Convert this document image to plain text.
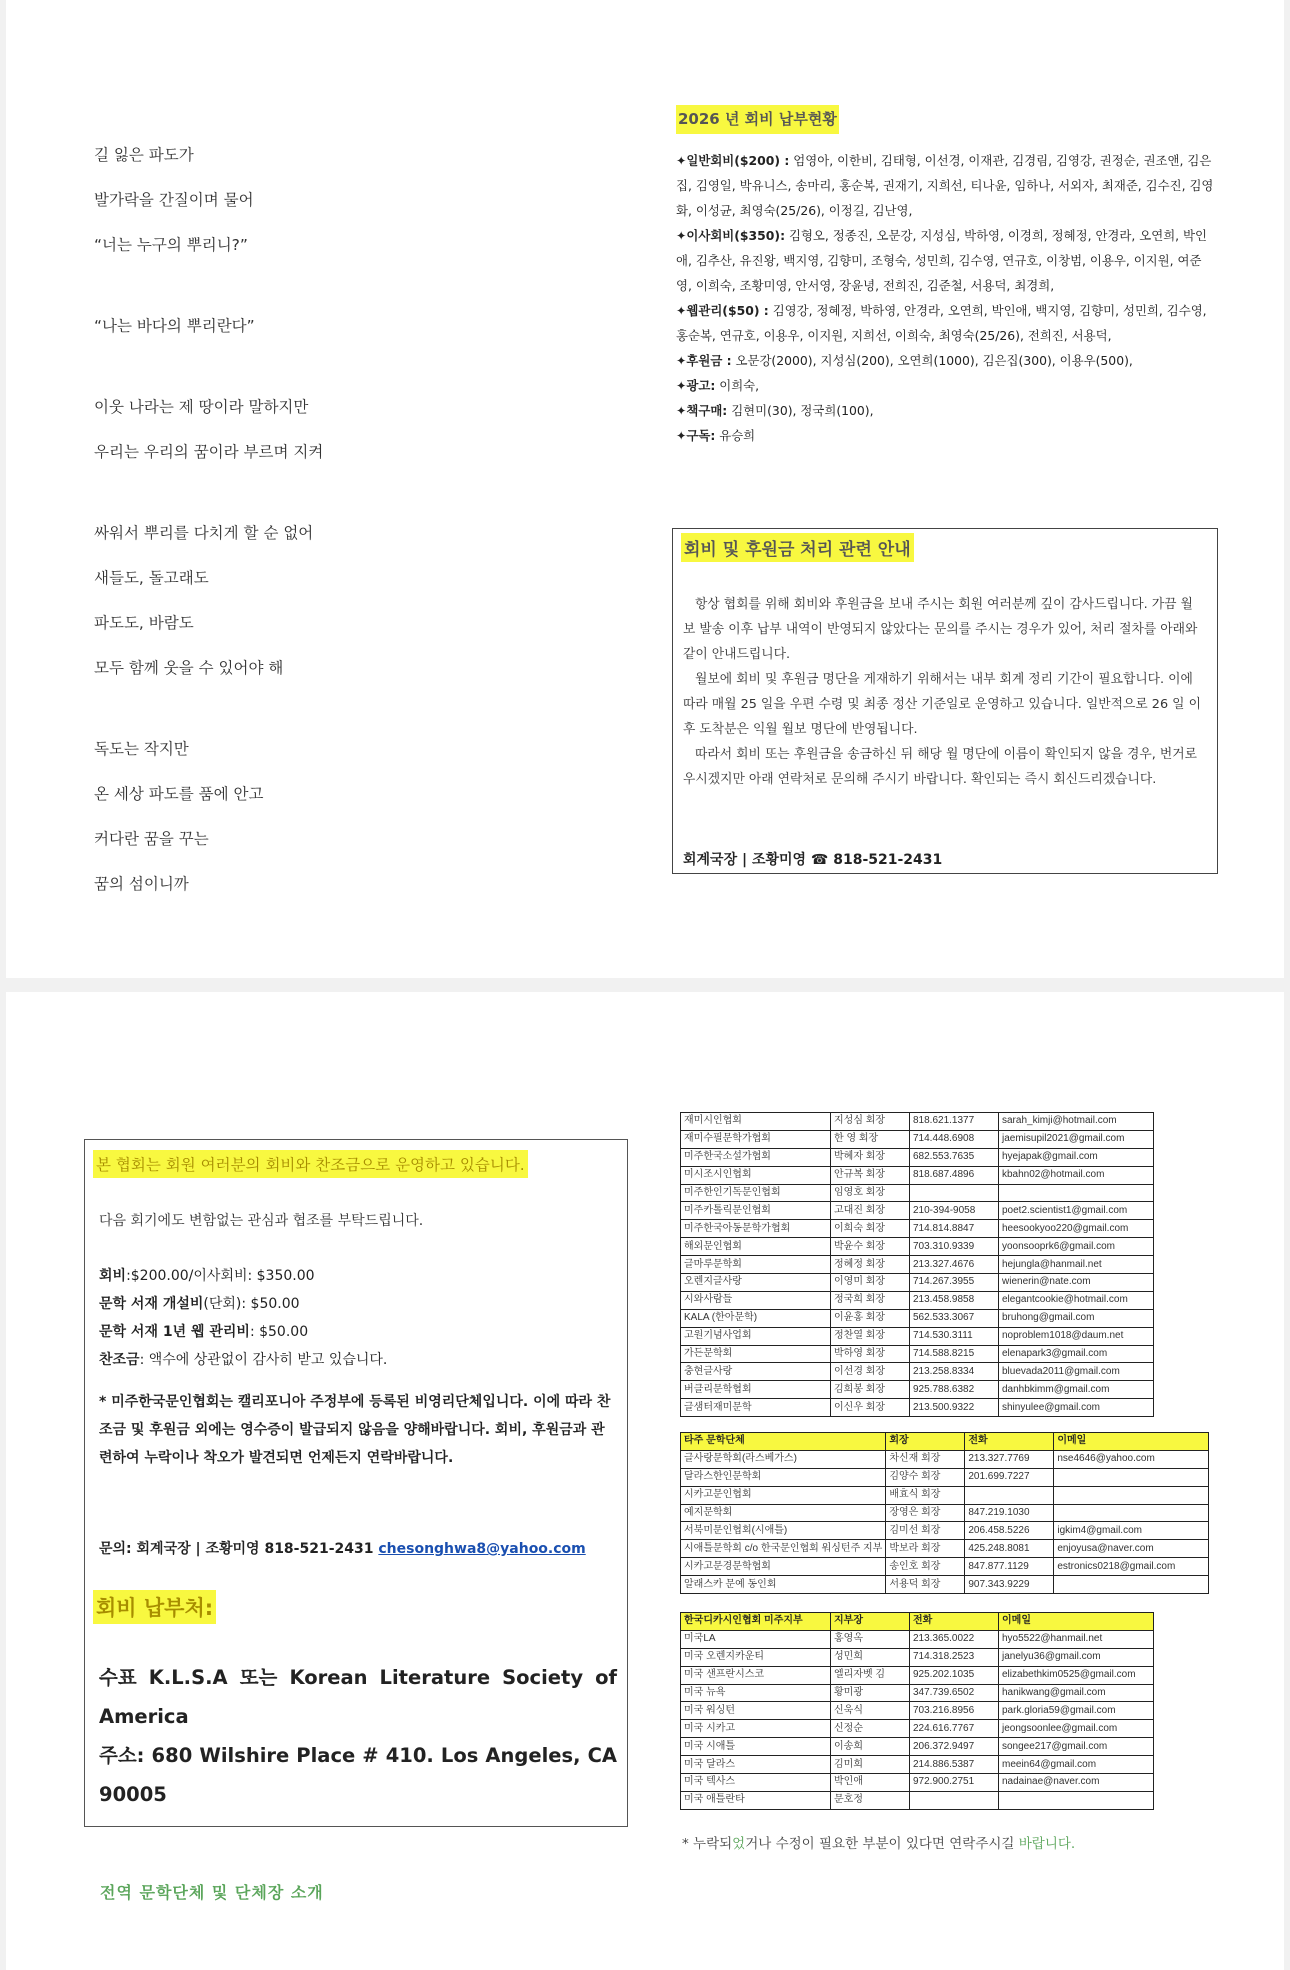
길 잃은 파도가
발가락을 간질이며 물어
“너는 누구의 뿌리니?”
“나는 바다의 뿌리란다”
이웃 나라는 제 땅이라 말하지만
우리는 우리의 꿈이라 부르며 지켜
싸워서 뿌리를 다치게 할 순 없어
새들도, 돌고래도
파도도, 바람도
모두 함께 웃을 수 있어야 해
독도는 작지만
온 세상 파도를 품에 안고
커다란 꿈을 꾸는
꿈의 섬이니까
2026 년 회비 납부현황
✦일반회비($200) : 엄영아, 이한비, 김태형, 이선경, 이재관, 김경림, 김영강, 권정순, 권조앤, 김은집, 김영일, 박유니스, 송마리, 홍순복, 권재기, 지희선, 티나윤, 임하나, 서외자, 최재준, 김수진, 김영화, 이성균, 최영숙(25/26), 이정길, 김난영,
✦이사회비($350): 김형오, 정종진, 오문강, 지성심, 박하영, 이경희, 정혜정, 안경라, 오연희, 박인애, 김추산, 유진왕, 백지영, 김향미, 조형숙, 성민희, 김수영, 연규호, 이창범, 이용우, 이지원, 여준영, 이희숙, 조황미영, 안서영, 장윤녕, 전희진, 김준철, 서용덕, 최경희,
✦웹관리($50) : 김영강, 정혜정, 박하영, 안경라, 오연희, 박인애, 백지영, 김향미, 성민희, 김수영, 홍순복, 연규호, 이용우, 이지원, 지희선, 이희숙, 최영숙(25/26), 전희진, 서용덕,
✦후원금 : 오문강(2000), 지성심(200), 오연희(1000), 김은집(300), 이용우(500),
✦광고: 이희숙,
✦책구매: 김현미(30), 정국희(100),
✦구독: 유승희
회비 및 후원금 처리 관련 안내

항상 협회를 위해 회비와 후원금을 보내 주시는 회원 여러분께 깊이 감사드립니다. 가끔 월보 발송 이후 납부 내역이 반영되지 않았다는 문의를 주시는 경우가 있어, 처리 절차를 아래와 같이 안내드립니다.

월보에 회비 및 후원금 명단을 게재하기 위해서는 내부 회계 정리 기간이 필요합니다. 이에 따라 매월 25 일을 우편 수령 및 최종 정산 기준일로 운영하고 있습니다. 일반적으로 26 일 이후 도착분은 익월 월보 명단에 반영됩니다.

따라서 회비 또는 후원금을 송금하신 뒤 해당 월 명단에 이름이 확인되지 않을 경우, 번거로우시겠지만 아래 연락처로 문의해 주시기 바랍니다. 확인되는 즉시 회신드리겠습니다.

회계국장 | 조황미영 ☎ 818-521-2431
본 협회는 회원 여러분의 회비와 찬조금으로 운영하고 있습니다.
다음 회기에도 변함없는 관심과 협조를 부탁드립니다.
회비:$200.00/이사회비: $350.00
문학 서재 개설비(단회): $50.00
문학 서재 1년 웹 관리비: $50.00
찬조금: 액수에 상관없이 감사히 받고 있습니다.
* 미주한국문인협회는 캘리포니아 주정부에 등록된 비영리단체입니다. 이에 따라 찬조금 및 후원금 외에는 영수증이 발급되지 않음을 양해바랍니다. 회비, 후원금과 관련하여 누락이나 착오가 발견되면 언제든지 연락바랍니다.
문의: 회계국장 | 조황미영 818-521-2431 chesonghwa8@yahoo.com
회비 납부처:
수표 K.L.S.A 또는 Korean Literature Society of America
주소: 680 Wilshire Place # 410. Los Angeles, CA 90005
전역 문학단체 및 단체장 소개
재미시인협회	지성심 회장	818.621.1377	sarah_kimji@hotmail.com
재미수필문학가협회	한 영 회장	714.448.6908	jaemisupil2021@gmail.com
미주한국소설가협회	박혜자 회장	682.553.7635	hyejapak@gmail.com
미시조시인협회	안규복 회장	818.687.4896	kbahn02@hotmail.com
미주한인기독문인협회	임영호 회장		
미주카톨릭문인협회	고대진 회장	210-394-9058	poet2.scientist1@gmail.com
미주한국아동문학가협회	이희숙 회장	714.814.8847	heesookyoo220@gmail.com
해외문인협회	박윤수 회장	703.310.9339	yoonsooprk6@gmail.com
글마루문학회	정혜정 회장	213.327.4676	hejungla@hanmail.net
오렌지글사랑	이영미 회장	714.267.3955	wienerin@nate.com
시와사람들	정국희 회장	213.458.9858	elegantcookie@hotmail.com
KALA (한아문학)	이윤홍 회장	562.533.3067	bruhong@gmail.com
고원기념사업회	정찬열 회장	714.530.3111	noproblem1018@daum.net
가든문학회	박하영 회장	714.588.8215	elenapark3@gmail.com
충현글사랑	이선경 회장	213.258.8334	bluevada2011@gmail.com
버클리문학협회	김희봉 회장	925.788.6382	danhbkimm@gmail.com
글샘터재미문학	이신우 회장	213.500.9322	shinyulee@gmail.com
타주 문학단체	회장	전화	이메일
글사랑문학회(라스베가스)	차신재 회장	213.327.7769	nse4646@yahoo.com
달라스한인문학회	김양수 회장	201.699.7227	
시카고문인협회	배효식 회장		
예지문학회	장영은 회장	847.219.1030	
서북미문인협회(시애틀)	김미선 회장	206.458.5226	igkim4@gmail.com
시애틀문학회 c/o 한국문인협회 워싱턴주 지부	박보라 회장	425.248.8081	enjoyusa@naver.com
시카고문경문학협회	송인호 회장	847.877.1129	estronics0218@gmail.com
알래스카 문예 동인회	서용덕 회장	907.343.9229	
한국디카시인협회 미주지부	지부장	전화	이메일
미국LA	홍영옥	213.365.0022	hyo5522@hanmail.net
미국 오렌지카운티	성민희	714.318.2523	janelyu36@gmail.com
미국 샌프란시스코	엘리자벳 김	925.202.1035	elizabethkim0525@gmail.com
미국 뉴욕	황미광	347.739.6502	hanikwang@gmail.com
미국 워싱턴	신욱식	703.216.8956	park.gloria59@gmail.com
미국 시카고	신정순	224.616.7767	jeongsoonlee@gmail.com
미국 시애틀	이송희	206.372.9497	songee217@gmail.com
미국 달라스	김미희	214.886.5387	meein64@gmail.com
미국 텍사스	박인애	972.900.2751	nadainae@naver.com
미국 애틀란타	문호정		
* 누락되었거나 수정이 필요한 부분이 있다면 연락주시길 바랍니다.
